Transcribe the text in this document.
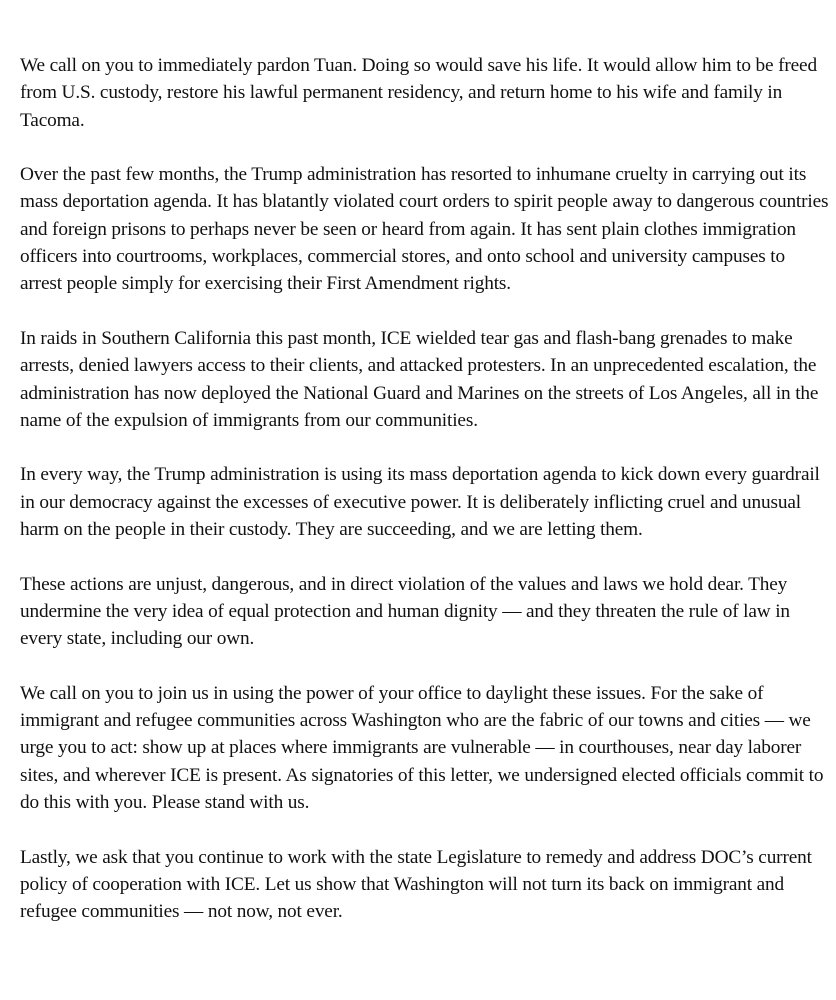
We call on you to immediately pardon Tuan. Doing so would save his life. It would allow him to be freed from U.S. custody, restore his lawful permanent residency, and return home to his wife and family in Tacoma.

Over the past few months, the Trump administration has resorted to inhumane cruelty in carrying out its mass deportation agenda. It has blatantly violated court orders to spirit people away to dangerous countries and foreign prisons to perhaps never be seen or heard from again. It has sent plain clothes immigration officers into courtrooms, workplaces, commercial stores, and onto school and university campuses to arrest people simply for exercising their First Amendment rights.

In raids in Southern California this past month, ICE wielded tear gas and flash-bang grenades to make arrests, denied lawyers access to their clients, and attacked protesters. In an unprecedented escalation, the administration has now deployed the National Guard and Marines on the streets of Los Angeles, all in the name of the expulsion of immigrants from our communities.

In every way, the Trump administration is using its mass deportation agenda to kick down every guardrail in our democracy against the excesses of executive power. It is deliberately inflicting cruel and unusual harm on the people in their custody. They are succeeding, and we are letting them.

These actions are unjust, dangerous, and in direct violation of the values and laws we hold dear. They undermine the very idea of equal protection and human dignity — and they threaten the rule of law in every state, including our own.

We call on you to join us in using the power of your office to daylight these issues. For the sake of immigrant and refugee communities across Washington who are the fabric of our towns and cities — we urge you to act: show up at places where immigrants are vulnerable — in courthouses, near day laborer sites, and wherever ICE is present. As signatories of this letter, we undersigned elected officials commit to do this with you. Please stand with us.

Lastly, we ask that you continue to work with the state Legislature to remedy and address DOC’s current policy of cooperation with ICE. Let us show that Washington will not turn its back on immigrant and refugee communities — not now, not ever.
